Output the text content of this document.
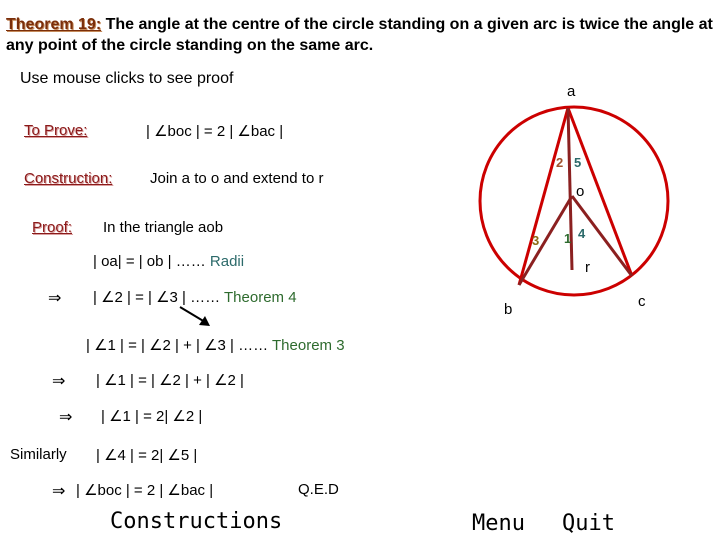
Theorem 19: The angle at the centre of the circle standing on a given arc is twice the angle at any point of the circle standing on the same arc.
Use mouse clicks to see proof
To Prove:	| ∠boc | = 2 | ∠bac |
Construction:	Join a to o and extend to r
Proof: In the triangle aob
| oa| = | ob | …… Radii
⇒ | ∠2 | = | ∠3 | …… Theorem 4
| ∠1 | = | ∠2 | + | ∠3 | …… Theorem 3
⇒ | ∠1 | = | ∠2 | + | ∠2 |
⇒ | ∠1 | = 2| ∠2 |
Similarly | ∠4 | = 2| ∠5 |
⇒ | ∠boc | = 2 | ∠bac |	Q.E.D
a
o
r
b	c
1
2
3	4
5
Constructions	Menu Quit
